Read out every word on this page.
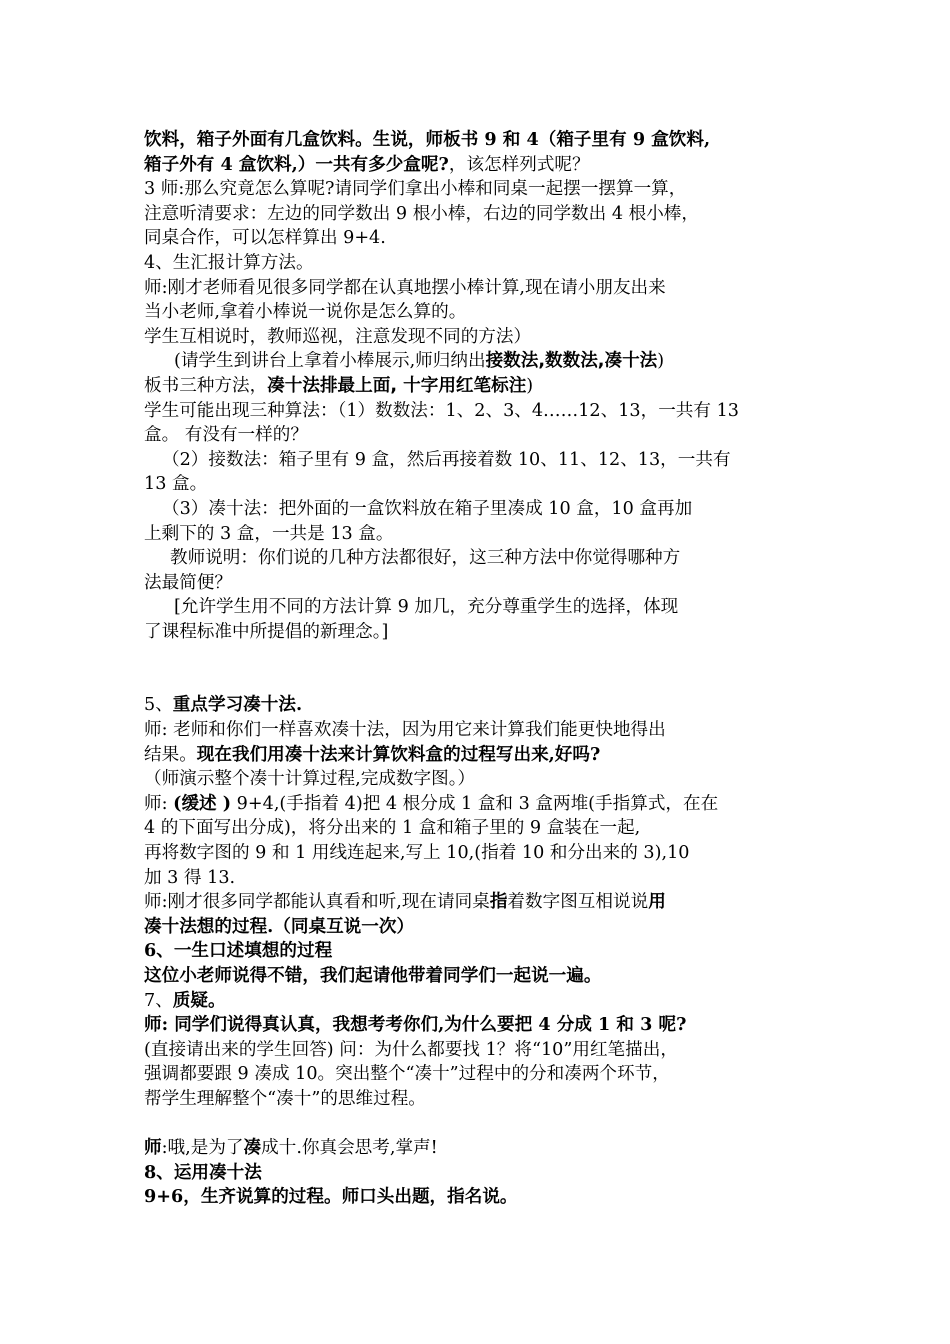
饮料，箱子外面有几盒饮料。生说，师板书 9 和 4（箱子里有 9 盒饮料,
箱子外有 4 盒饮料,）一共有多少盒呢?，该怎样列式呢？
3 师:那么究竟怎么算呢?请同学们拿出小棒和同桌一起摆一摆算一算，
注意听清要求：左边的同学数出 9 根小棒，右边的同学数出 4 根小棒，
同桌合作，可以怎样算出 9+4.
4、生汇报计算方法。
师:刚才老师看见很多同学都在认真地摆小棒计算,现在请小朋友出来
当小老师,拿着小棒说一说你是怎么算的。
学生互相说时，教师巡视，注意发现不同的方法）
(请学生到讲台上拿着小棒展示,师归纳出接数法,数数法,凑十法)
板书三种方法，凑十法排最上面, 十字用红笔标注)
学生可能出现三种算法：（1）数数法：1、2、3、4……12、13，一共有 13
盒。 有没有一样的？
（2）接数法：箱子里有 9 盒，然后再接着数 10、11、12、13，一共有
13 盒。
（3）凑十法：把外面的一盒饮料放在箱子里凑成 10 盒，10 盒再加
上剩下的 3 盒，一共是 13 盒。
教师说明：你们说的几种方法都很好，这三种方法中你觉得哪种方
法最简便？
[允许学生用不同的方法计算 9 加几，充分尊重学生的选择，体现
了课程标准中所提倡的新理念。]
5、重点学习凑十法.
师: 老师和你们一样喜欢凑十法，因为用它来计算我们能更快地得出
结果。现在我们用凑十法来计算饮料盒的过程写出来,好吗?
（师演示整个凑十计算过程,完成数字图。）
师: (缓述 ) 9+4,(手指着 4)把 4 根分成 1 盒和 3 盒两堆(手指算式，在在
4 的下面写出分成)，将分出来的 1 盒和箱子里的 9 盒装在一起,
再将数字图的 9 和 1 用线连起来,写上 10,(指着 10 和分出来的 3),10
加 3 得 13.
师:刚才很多同学都能认真看和听,现在请同桌指着数字图互相说说用
凑十法想的过程.（同桌互说一次）
6、一生口述填想的过程
这位小老师说得不错，我们起请他带着同学们一起说一遍。
7、质疑。
师: 同学们说得真认真，我想考考你们,为什么要把 4 分成 1 和 3 呢?
(直接请出来的学生回答) 问：为什么都要找 1？将“10”用红笔描出，
强调都要跟 9 凑成 10。突出整个“凑十”过程中的分和凑两个环节，
帮学生理解整个“凑十”的思维过程。
师:哦,是为了凑成十.你真会思考,掌声!
8、运用凑十法
9+6，生齐说算的过程。师口头出题，指名说。
